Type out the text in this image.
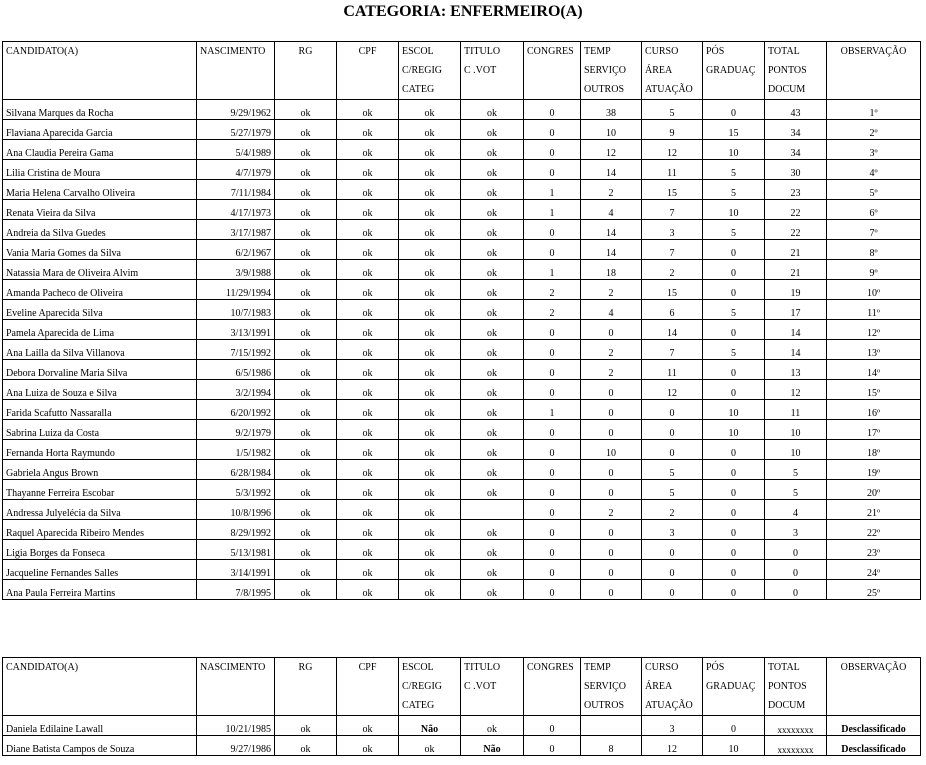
CATEGORIA: ENFERMEIRO(A)
CANDIDATO(A)	NASCIMENTO	RG	CPF	ESCOL	TITULO	CONGRES	TEMP	CURSO	PÓS	TOTAL	OBSERVAÇÃO
				C/REGIG	C .VOT		SERVIÇO	ÁREA	GRADUAÇ	PONTOS	
				CATEG			OUTROS	ATUAÇÃO		DOCUM	
Silvana Marques da Rocha	9/29/1962	ok	ok	ok	ok	0	38	5	0	43	1º
Flaviana Aparecida Garcia	5/27/1979	ok	ok	ok	ok	0	10	9	15	34	2º
Ana Claudia Pereira Gama	5/4/1989	ok	ok	ok	ok	0	12	12	10	34	3º
Lilia Cristina de Moura	4/7/1979	ok	ok	ok	ok	0	14	11	5	30	4º
Maria Helena Carvalho Oliveira	7/11/1984	ok	ok	ok	ok	1	2	15	5	23	5º
Renata Vieira da Silva	4/17/1973	ok	ok	ok	ok	1	4	7	10	22	6º
Andreia da Silva Guedes	3/17/1987	ok	ok	ok	ok	0	14	3	5	22	7º
Vania Maria Gomes da Silva	6/2/1967	ok	ok	ok	ok	0	14	7	0	21	8º
Natassia Mara de Oliveira Alvim	3/9/1988	ok	ok	ok	ok	1	18	2	0	21	9º
Amanda Pacheco de Oliveira	11/29/1994	ok	ok	ok	ok	2	2	15	0	19	10º
Eveline Aparecida Silva	10/7/1983	ok	ok	ok	ok	2	4	6	5	17	11º
Pamela Aparecida de Lima	3/13/1991	ok	ok	ok	ok	0	0	14	0	14	12º
Ana Lailla da Silva Villanova	7/15/1992	ok	ok	ok	ok	0	2	7	5	14	13º
Debora Dorvaline Maria Silva	6/5/1986	ok	ok	ok	ok	0	2	11	0	13	14º
Ana Luiza de Souza e Silva	3/2/1994	ok	ok	ok	ok	0	0	12	0	12	15º
Farida Scafutto Nassaralla	6/20/1992	ok	ok	ok	ok	1	0	0	10	11	16º
Sabrina Luiza da Costa	9/2/1979	ok	ok	ok	ok	0	0	0	10	10	17º
Fernanda Horta Raymundo	1/5/1982	ok	ok	ok	ok	0	10	0	0	10	18º
Gabriela Angus Brown	6/28/1984	ok	ok	ok	ok	0	0	5	0	5	19º
Thayanne Ferreira Escobar	5/3/1992	ok	ok	ok	ok	0	0	5	0	5	20º
Andressa Julyelécia da Silva	10/8/1996	ok	ok	ok		0	2	2	0	4	21º
Raquel Aparecida Ribeiro Mendes	8/29/1992	ok	ok	ok	ok	0	0	3	0	3	22º
Ligia Borges da Fonseca	5/13/1981	ok	ok	ok	ok	0	0	0	0	0	23º
Jacqueline Fernandes Salles	3/14/1991	ok	ok	ok	ok	0	0	0	0	0	24º
Ana Paula Ferreira Martins	7/8/1995	ok	ok	ok	ok	0	0	0	0	0	25º
CANDIDATO(A)	NASCIMENTO	RG	CPF	ESCOL	TITULO	CONGRES	TEMP	CURSO	PÓS	TOTAL	OBSERVAÇÃO
				C/REGIG	C .VOT		SERVIÇO	ÁREA	GRADUAÇ	PONTOS	
				CATEG			OUTROS	ATUAÇÃO		DOCUM	
Daniela Edilaine Lawall	10/21/1985	ok	ok	Não	ok	0		3	0	xxxxxxxx	Desclassificado
Diane Batista Campos de Souza	9/27/1986	ok	ok	ok	Não	0	8	12	10	xxxxxxxx	Desclassificado
